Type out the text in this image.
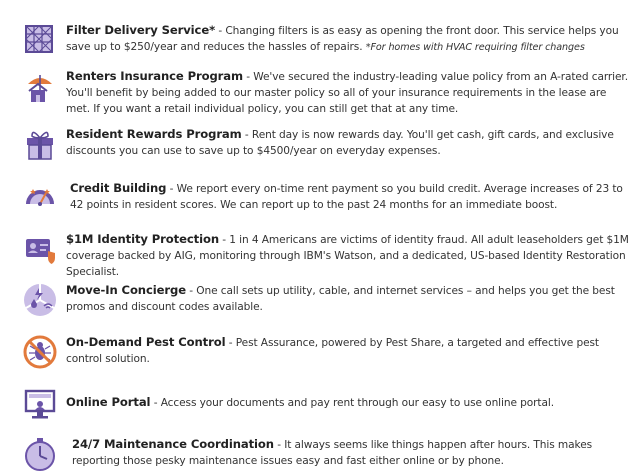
Filter Delivery Service* - Changing filters is as easy as opening the front door. This service helps you save up to $250/year and reduces the hassles of repairs. *For homes with HVAC requiring filter changes
Renters Insurance Program - We've secured the industry-leading value policy from an A-rated carrier. You'll benefit by being added to our master policy so all of your insurance requirements in the lease are met. If you want a retail individual policy, you can still get that at any time.
Resident Rewards Program - Rent day is now rewards day. You'll get cash, gift cards, and exclusive discounts you can use to save up to $4500/year on everyday expenses.
Credit Building - We report every on-time rent payment so you build credit. Average increases of 23 to 42 points in resident scores. We can report up to the past 24 months for an immediate boost.
$1M Identity Protection - 1 in 4 Americans are victims of identity fraud. All adult leaseholders get $1M coverage backed by AIG, monitoring through IBM's Watson, and a dedicated, US-based Identity Restoration Specialist.
Move-In Concierge - One call sets up utility, cable, and internet services – and helps you get the best promos and discount codes available.
On-Demand Pest Control - Pest Assurance, powered by Pest Share, a targeted and effective pest control solution.
Online Portal - Access your documents and pay rent through our easy to use online portal.
24/7 Maintenance Coordination - It always seems like things happen after hours. This makes reporting those pesky maintenance issues easy and fast either online or by phone.
